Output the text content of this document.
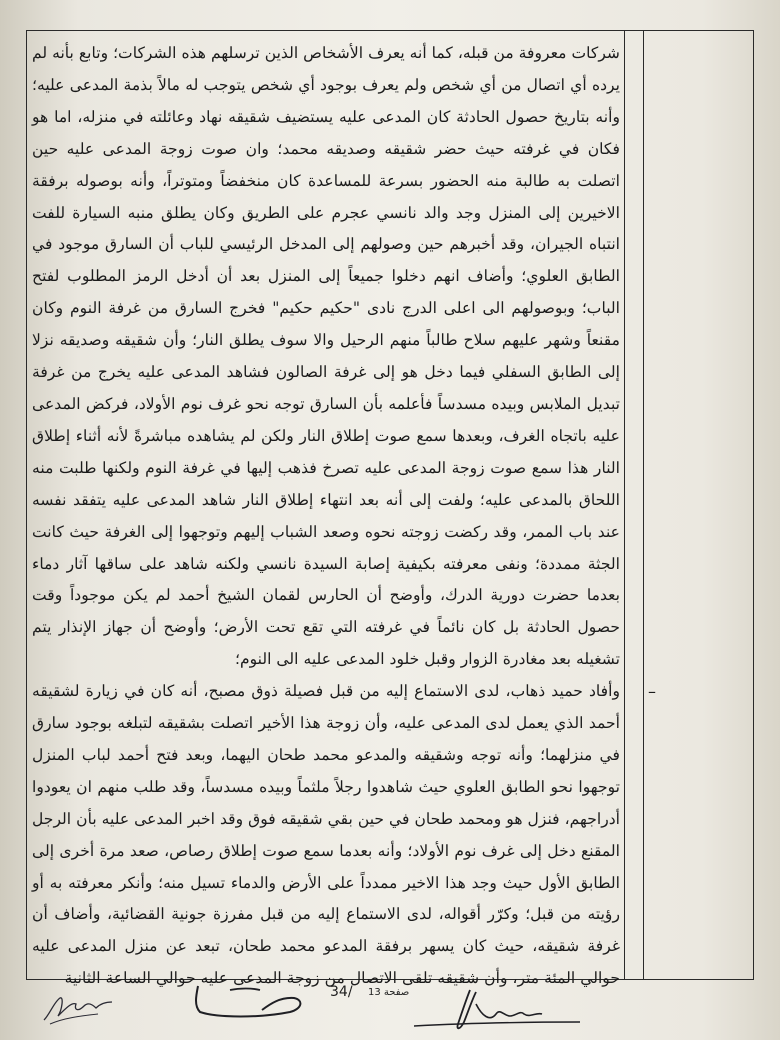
شركات معروفة من قبله، كما أنه يعرف الأشخاص الذين ترسلهم هذه الشركات؛ وتابع بأنه لم يرده أي اتصال من أي شخص ولم يعرف بوجود أي شخص يتوجب له مالاً بذمة المدعى عليه؛ وأنه بتاريخ حصول الحادثة كان المدعى عليه يستضيف شقيقه نهاد وعائلته في منزله، اما هو فكان في غرفته حيث حضر شقيقه وصديقه محمد؛ وان صوت زوجة المدعى عليه حين اتصلت به طالبة منه الحضور بسرعة للمساعدة كان منخفضاً ومتوتراً، وأنه بوصوله برفقة الاخيرين إلى المنزل وجد والد نانسي عجرم على الطريق وكان يطلق منبه السيارة للفت انتباه الجيران، وقد أخبرهم حين وصولهم إلى المدخل الرئيسي للباب أن السارق موجود في الطابق العلوي؛ وأضاف انهم دخلوا جميعاً إلى المنزل بعد أن أدخل الرمز المطلوب لفتح الباب؛ وبوصولهم الى اعلى الدرج نادى "حكيم حكيم" فخرج السارق من غرفة النوم وكان مقنعاً وشهر عليهم سلاح طالباً منهم الرحيل والا سوف يطلق النار؛ وأن شقيقه وصديقه نزلا إلى الطابق السفلي فيما دخل هو إلى غرفة الصالون فشاهد المدعى عليه يخرج من غرفة تبديل الملابس وبيده مسدساً فأعلمه بأن السارق توجه نحو غرف نوم الأولاد، فركض المدعى عليه باتجاه الغرف، وبعدها سمع صوت إطلاق النار ولكن لم يشاهده مباشرةً لأنه أثناء إطلاق النار هذا سمع صوت زوجة المدعى عليه تصرخ فذهب إليها في غرفة النوم ولكنها طلبت منه اللحاق بالمدعى عليه؛ ولفت إلى أنه بعد انتهاء إطلاق النار شاهد المدعى عليه يتفقد نفسه عند باب الممر، وقد ركضت زوجته نحوه وصعد الشباب إليهم وتوجهوا إلى الغرفة حيث كانت الجثة ممددة؛ ونفى معرفته بكيفية إصابة السيدة نانسي ولكنه شاهد على ساقها آثار دماء بعدما حضرت دورية الدرك، وأوضح أن الحارس لقمان الشيخ أحمد لم يكن موجوداً وقت حصول الحادثة بل كان نائماً في غرفته التي تقع تحت الأرض؛ وأوضح أن جهاز الإنذار يتم تشغيله بعد مغادرة الزوار وقبل خلود المدعى عليه الى النوم؛

–
وأفاد حميد ذهاب، لدى الاستماع إليه من قبل فصيلة ذوق مصبح، أنه كان في زيارة لشقيقه أحمد الذي يعمل لدى المدعى عليه، وأن زوجة هذا الأخير اتصلت بشقيقه لتبلغه بوجود سارق في منزلهما؛ وأنه توجه وشقيقه والمدعو محمد طحان اليهما، وبعد فتح أحمد لباب المنزل توجهوا نحو الطابق العلوي حيث شاهدوا رجلاً ملثماً وبيده مسدساً، وقد طلب منهم ان يعودوا أدراجهم، فنزل هو ومحمد طحان في حين بقي شقيقه فوق وقد اخبر المدعى عليه بأن الرجل المقنع دخل إلى غرف نوم الأولاد؛ وأنه بعدما سمع صوت إطلاق رصاص، صعد مرة أخرى إلى الطابق الأول حيث وجد هذا الاخير ممدداً على الأرض والدماء تسيل منه؛ وأنكر معرفته به أو رؤيته من قبل؛ وكرّر أقواله، لدى الاستماع إليه من قبل مفرزة جونية القضائية، وأضاف أن غرفة شقيقه، حيث كان يسهر برفقة المدعو محمد طحان، تبعد عن منزل المدعى عليه حوالي المئة متر، وأن شقيقه تلقى الاتصال من زوجة المدعى عليه حوالي الساعة الثانية

34/ صفحة 13
